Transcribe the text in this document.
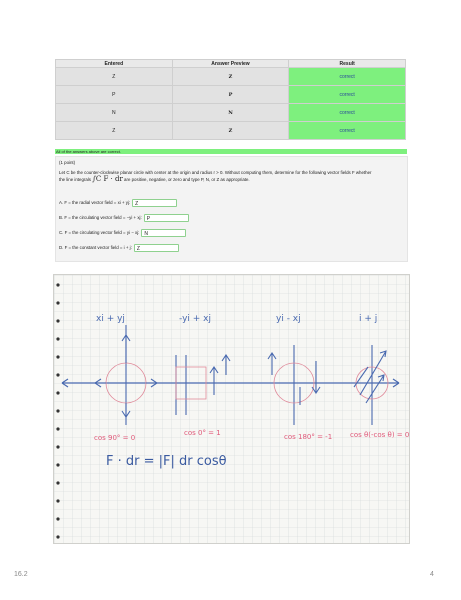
Entered	Answer Preview	Result
Z	Z	correct
P	P	correct
N	N	correct
Z	Z	correct
All of the answers above are correct.
(1 point)
Let C be the counter-clockwise planar circle with center at the origin and radius r > 0. Without computing them, determine for the following vector fields F whether
the line integrals ∫C F · dr are positive, negative, or zero and type P, N, or Z as appropriate.
A. F = the radial vector field = xi + yj:	Z
B. F = the circulating vector field = −yi + xj:	P
C. F = the circulating vector field = yi − xj:	N
D. F = the constant vector field = i + j:	Z
xi + yj	-yi + xj	yi - xj	i + j
cos 90° = 0
cos 0° = 1	cos 180° = -1	cos θ(-cos θ) = 0
F · dr = |F| dr cosθ
16.2	4
